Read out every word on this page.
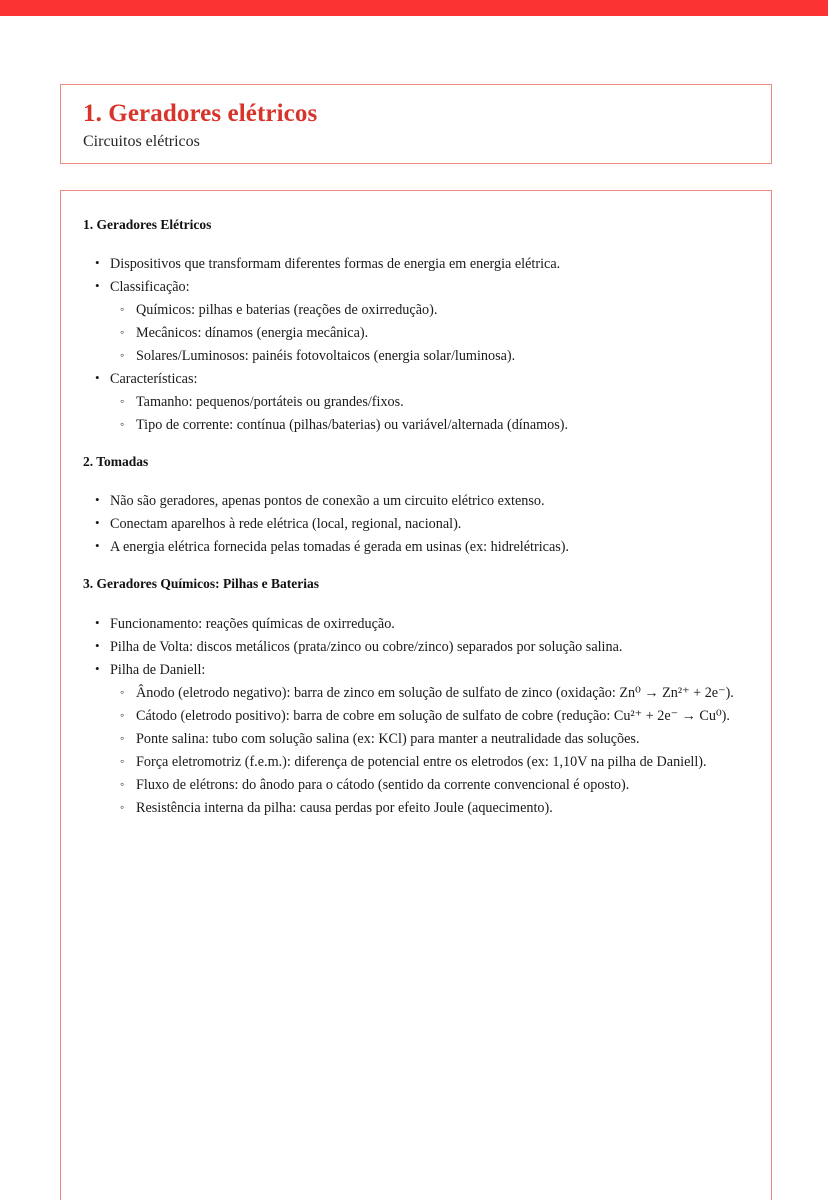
1. Geradores elétricos
Circuitos elétricos
1. Geradores Elétricos
• Dispositivos que transformam diferentes formas de energia em energia elétrica.
• Classificação:
◦ Químicos: pilhas e baterias (reações de oxirredução).
◦ Mecânicos: dínamos (energia mecânica).
◦ Solares/Luminosos: painéis fotovoltaicos (energia solar/luminosa).
• Características:
◦ Tamanho: pequenos/portáteis ou grandes/fixos.
◦ Tipo de corrente: contínua (pilhas/baterias) ou variável/alternada (dínamos).
2. Tomadas
• Não são geradores, apenas pontos de conexão a um circuito elétrico extenso.
• Conectam aparelhos à rede elétrica (local, regional, nacional).
• A energia elétrica fornecida pelas tomadas é gerada em usinas (ex: hidrelétricas).
3. Geradores Químicos: Pilhas e Baterias
• Funcionamento: reações químicas de oxirredução.
• Pilha de Volta: discos metálicos (prata/zinco ou cobre/zinco) separados por solução salina.
• Pilha de Daniell:
◦ Ânodo (eletrodo negativo): barra de zinco em solução de sulfato de zinco (oxidação: Zn⁰ → Zn²⁺ + 2e⁻).
◦ Cátodo (eletrodo positivo): barra de cobre em solução de sulfato de cobre (redução: Cu²⁺ + 2e⁻ → Cu⁰).
◦ Ponte salina: tubo com solução salina (ex: KCl) para manter a neutralidade das soluções.
◦ Força eletromotriz (f.e.m.): diferença de potencial entre os eletrodos (ex: 1,10V na pilha de Daniell).
◦ Fluxo de elétrons: do ânodo para o cátodo (sentido da corrente convencional é oposto).
◦ Resistência interna da pilha: causa perdas por efeito Joule (aquecimento).
